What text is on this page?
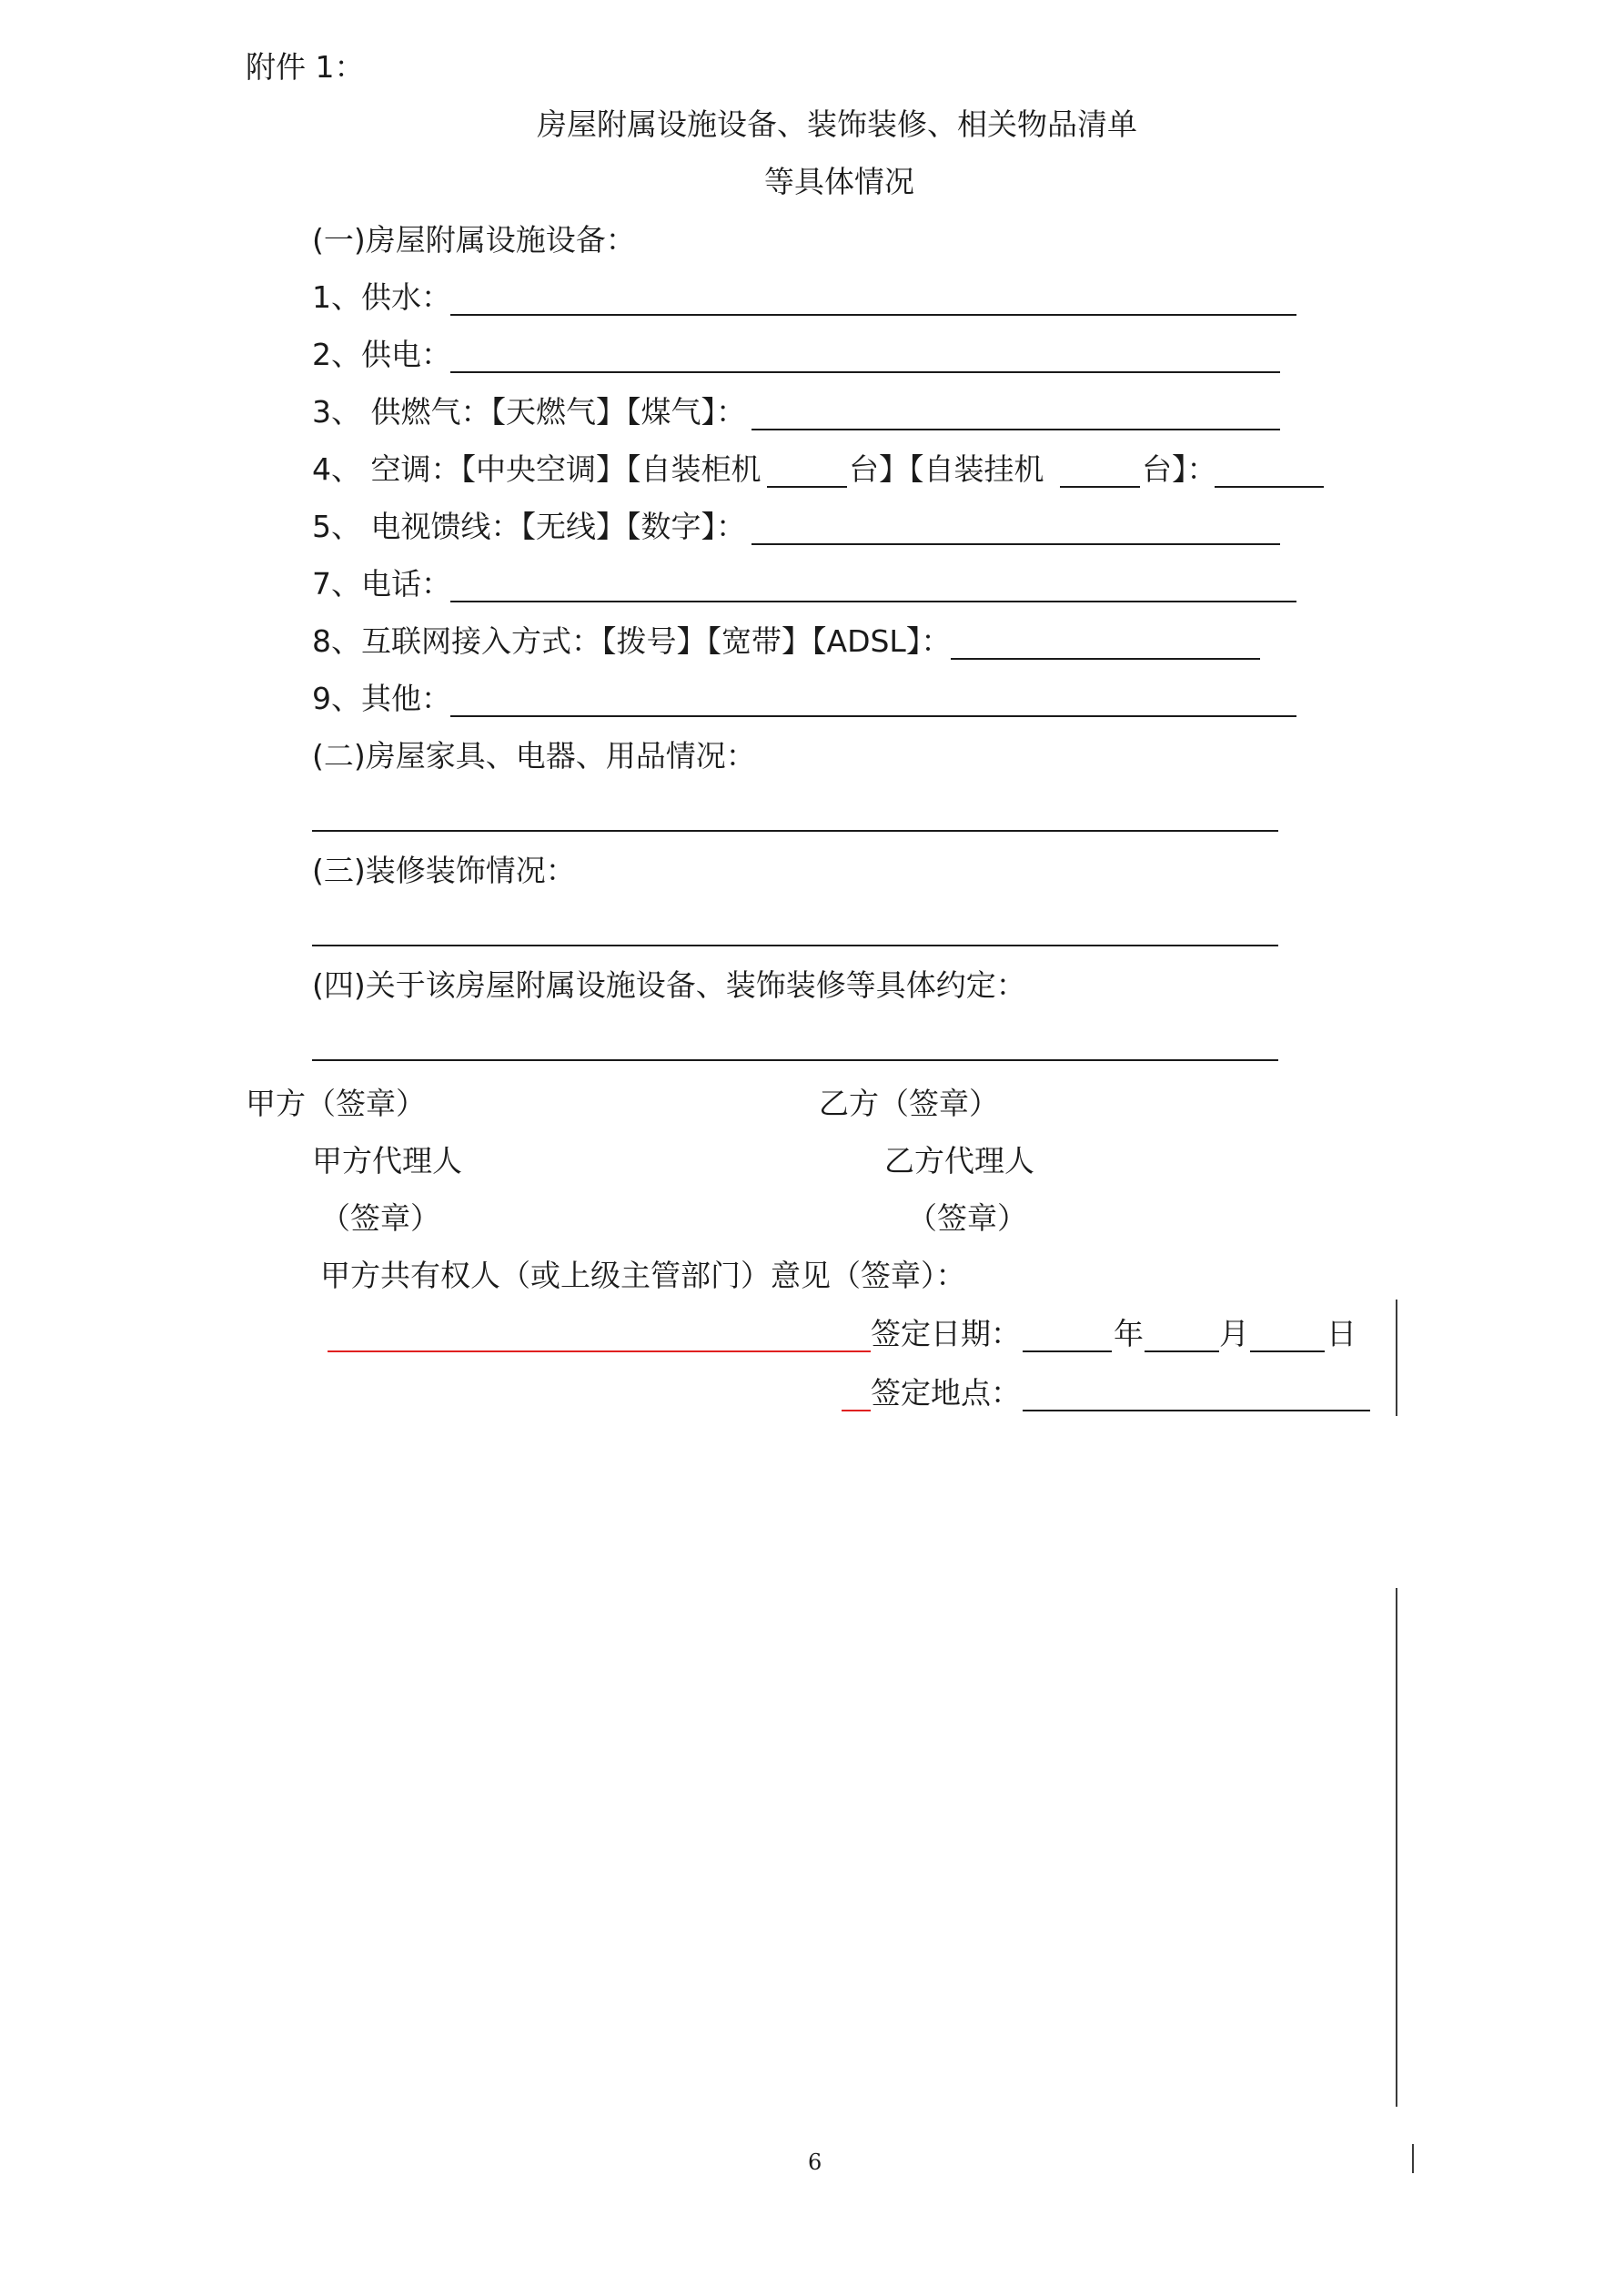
附件 1：
房屋附属设施设备、装饰装修、相关物品清单
等具体情况
(一)房屋附属设施设备：
1、供水：
2、供电：
3、 供燃气：【天燃气】【煤气】：
4、 空调：【中央空调】【自装柜机	台】【自装挂机	台】：
5、 电视馈线：【无线】【数字】：
7、电话：
8、互联网接入方式：【拨号】【宽带】【ADSL】：
9、其他：
(二)房屋家具、电器、用品情况：
(三)装修装饰情况：
(四)关于该房屋附属设施设备、装饰装修等具体约定：
甲方（签章）	乙方（签章）
甲方代理人	乙方代理人
（签章）	（签章）
甲方共有权人（或上级主管部门）意见（签章）：
签定日期：	年	月	日
签定地点：
6
